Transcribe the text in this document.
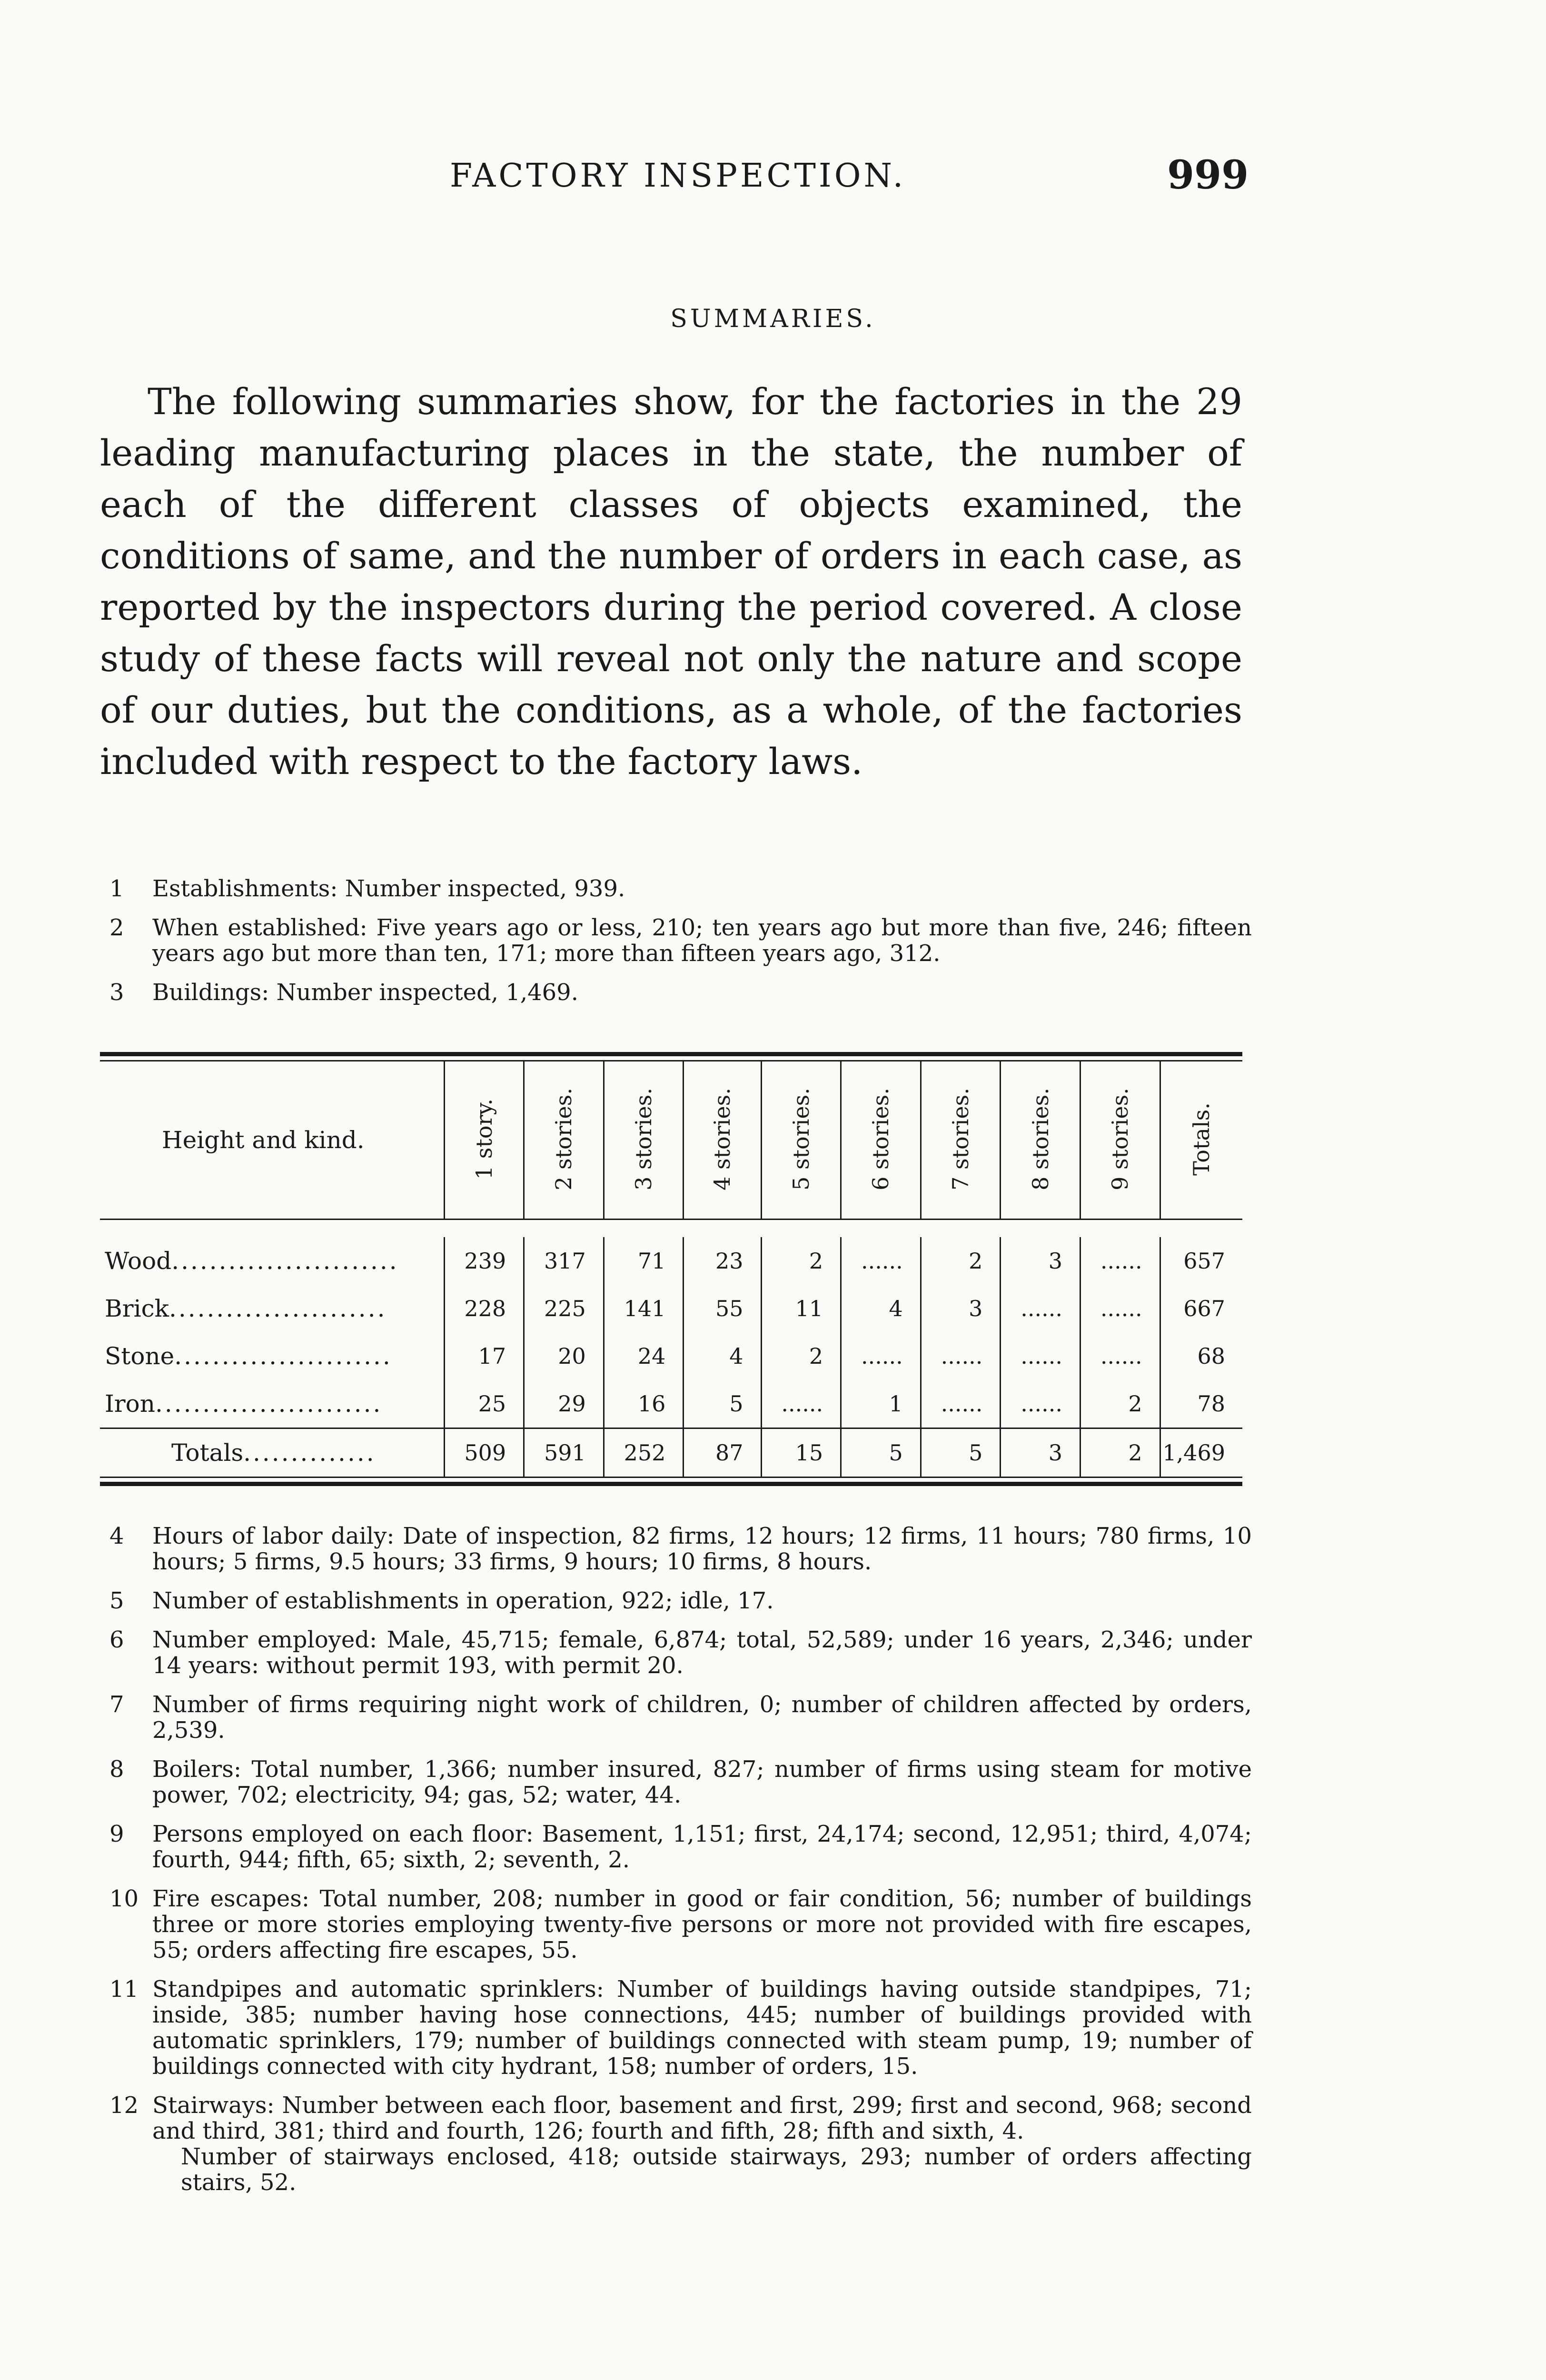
FACTORY INSPECTION.	999
SUMMARIES.

The following summaries show, for the factories in the 29 leading manufacturing places in the state, the number of each of the different classes of objects examined, the conditions of same, and the number of orders in each case, as reported by the inspectors during the period covered. A close study of these facts will reveal not only the nature and scope of our duties, but the conditions, as a whole, of the factories included with respect to the factory laws.

1	Establishments: Number inspected, 939.
2	When established: Five years ago or less, 210; ten years ago but more than five, 246; fifteen years ago but more than ten, 171; more than fifteen years ago, 312.
3	Buildings: Number inspected, 1,469.
Height and kind.	1 story.	2 stories.	3 stories.	4 stories.	5 stories.	6 stories.	7 stories.	8 stories.	9 stories.	Totals.

Wood........................	239	317	71	23	2	......	2	3	......	657
Brick.......................	228	225	141	55	11	4	3	......	......	667
Stone.......................	17	20	24	4	2	......	......	......	......	68
Iron........................	25	29	16	5	......	1	......	......	2	78
Totals..............	509	591	252	87	15	5	5	3	2	1,469
4	Hours of labor daily: Date of inspection, 82 firms, 12 hours; 12 firms, 11 hours; 780 firms, 10 hours; 5 firms, 9.5 hours; 33 firms, 9 hours; 10 firms, 8 hours.
5	Number of establishments in operation, 922; idle, 17.
6	Number employed: Male, 45,715; female, 6,874; total, 52,589; under 16 years, 2,346; under 14 years: without permit 193, with permit 20.
7	Number of firms requiring night work of children, 0; number of children affected by orders, 2,539.
8	Boilers: Total number, 1,366; number insured, 827; number of firms using steam for motive power, 702; electricity, 94; gas, 52; water, 44.
9	Persons employed on each floor: Basement, 1,151; first, 24,174; second, 12,951; third, 4,074; fourth, 944; fifth, 65; sixth, 2; seventh, 2.
10 Fire escapes: Total number, 208; number in good or fair condition, 56; number of buildings three or more stories employing twenty-five persons or more not provided with fire escapes, 55; orders affecting fire escapes, 55.
11 Standpipes and automatic sprinklers: Number of buildings having outside standpipes, 71; inside, 385; number having hose connections, 445; number of buildings provided with automatic sprinklers, 179; number of buildings connected with steam pump, 19; number of buildings connected with city hydrant, 158; number of orders, 15.
12 Stairways: Number between each floor, basement and first, 299; first and second, 968; second and third, 381; third and fourth, 126; fourth and fifth, 28; fifth and sixth, 4.
Number of stairways enclosed, 418; outside stairways, 293; number of orders affecting stairs, 52.
